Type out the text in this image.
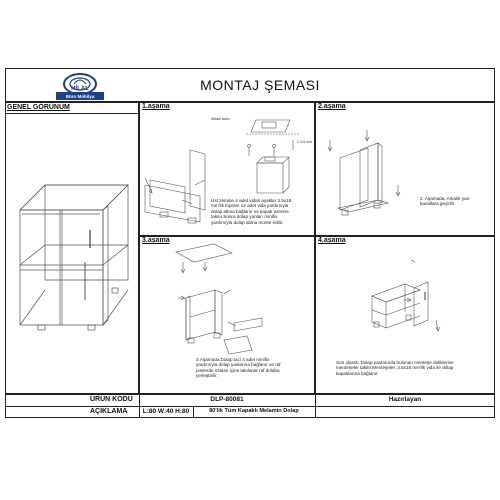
HİLAL
Büro Mobilya
MONTAJ ŞEMASI
GENEL GÖRÜNÜM	1.aşama
Alttaki tablo
1 1/4 mm
Üst zemine,4 adet vidalı ayaklar 3.5x18
mm'lik topram 12 adet vida yardımıyla
dolap altına bağlanır ve kapak üzerine
takılır.Sonra dolap yanları minifix
yardımıyla dolap altına monte edilir.
2.aşama
2. Aşamada, Arkalık yan
kanallara geçirilir.
3.aşama
3.Aşamada,Dolap taci 4 adet minifix
yardımıyla dolap yanlarına bağlanır ve raf
pimlerde özalan içine takılarak raf dolaba
yerleştirilir.
4.aşama
Son olarak; Dolap yanlarında bulunan menteşe deliklerine
menteşeler takılır.Menteşeler, 3.5x18 mm'lik vida ile dolap
kapaklarına bağlanır.
ÜRÜN KODU	DLP-80081	Hazırlayan
AÇIKLAMA	L:80 W:40 H:80	80'lik Tüm Kapaklı Melamin Dolap
